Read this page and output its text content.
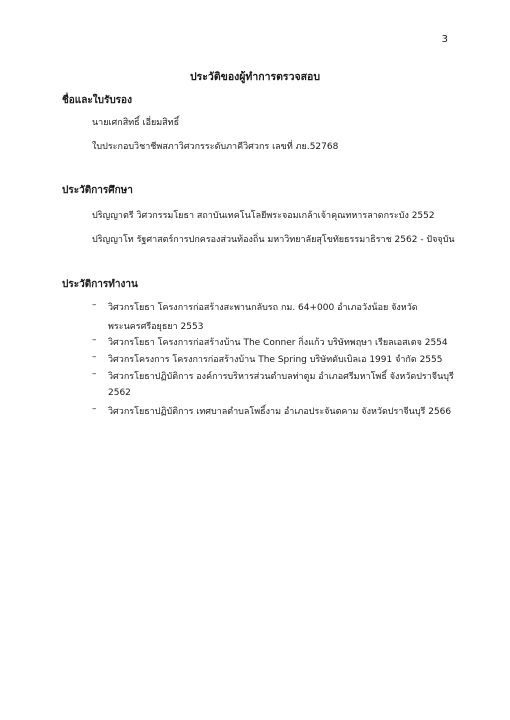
3
ประวัติของผู้ทำการตรวจสอบ
ชื่อและใบรับรอง
นายเศกสิทธิ์ เอี่ยมสิทธิ์
ใบประกอบวิชาชีพสภาวิศวกรระดับภาคีวิศวกร เลขที่ ภย.52768
ประวัติการศึกษา
ปริญญาตรี วิศวกรรมโยธา สถาบันเทคโนโลยีพระจอมเกล้าเจ้าคุณทหารลาดกระบัง 2552
ปริญญาโท รัฐศาสตร์การปกครองส่วนท้องถิ่น มหาวิทยาลัยสุโขทัยธรรมาธิราช 2562 - ปัจจุบัน
ประวัติการทำงาน
– วิศวกรโยธา โครงการก่อสร้างสะพานกลับรถ กม. 64+000 อำเภอวังน้อย จังหวัด
พระนครศรีอยุธยา 2553
– วิศวกรโยธา โครงการก่อสร้างบ้าน The Conner กิ่งแก้ว บริษัทพฤษา เรียลเอสเตจ 2554
– วิศวกรโครงการ โครงการก่อสร้างบ้าน The Spring บริษัทดับเบิลเอ 1991 จำกัด 2555
– วิศวกรโยธาปฏิบัติการ องค์การบริหารส่วนตำบลท่าตูม อำเภอศรีมหาโพธิ์ จังหวัดปราจีนบุรี
2562
– วิศวกรโยธาปฏิบัติการ เทศบาลตำบลโพธิ์งาม อำเภอประจันตคาม จังหวัดปราจีนบุรี 2566
